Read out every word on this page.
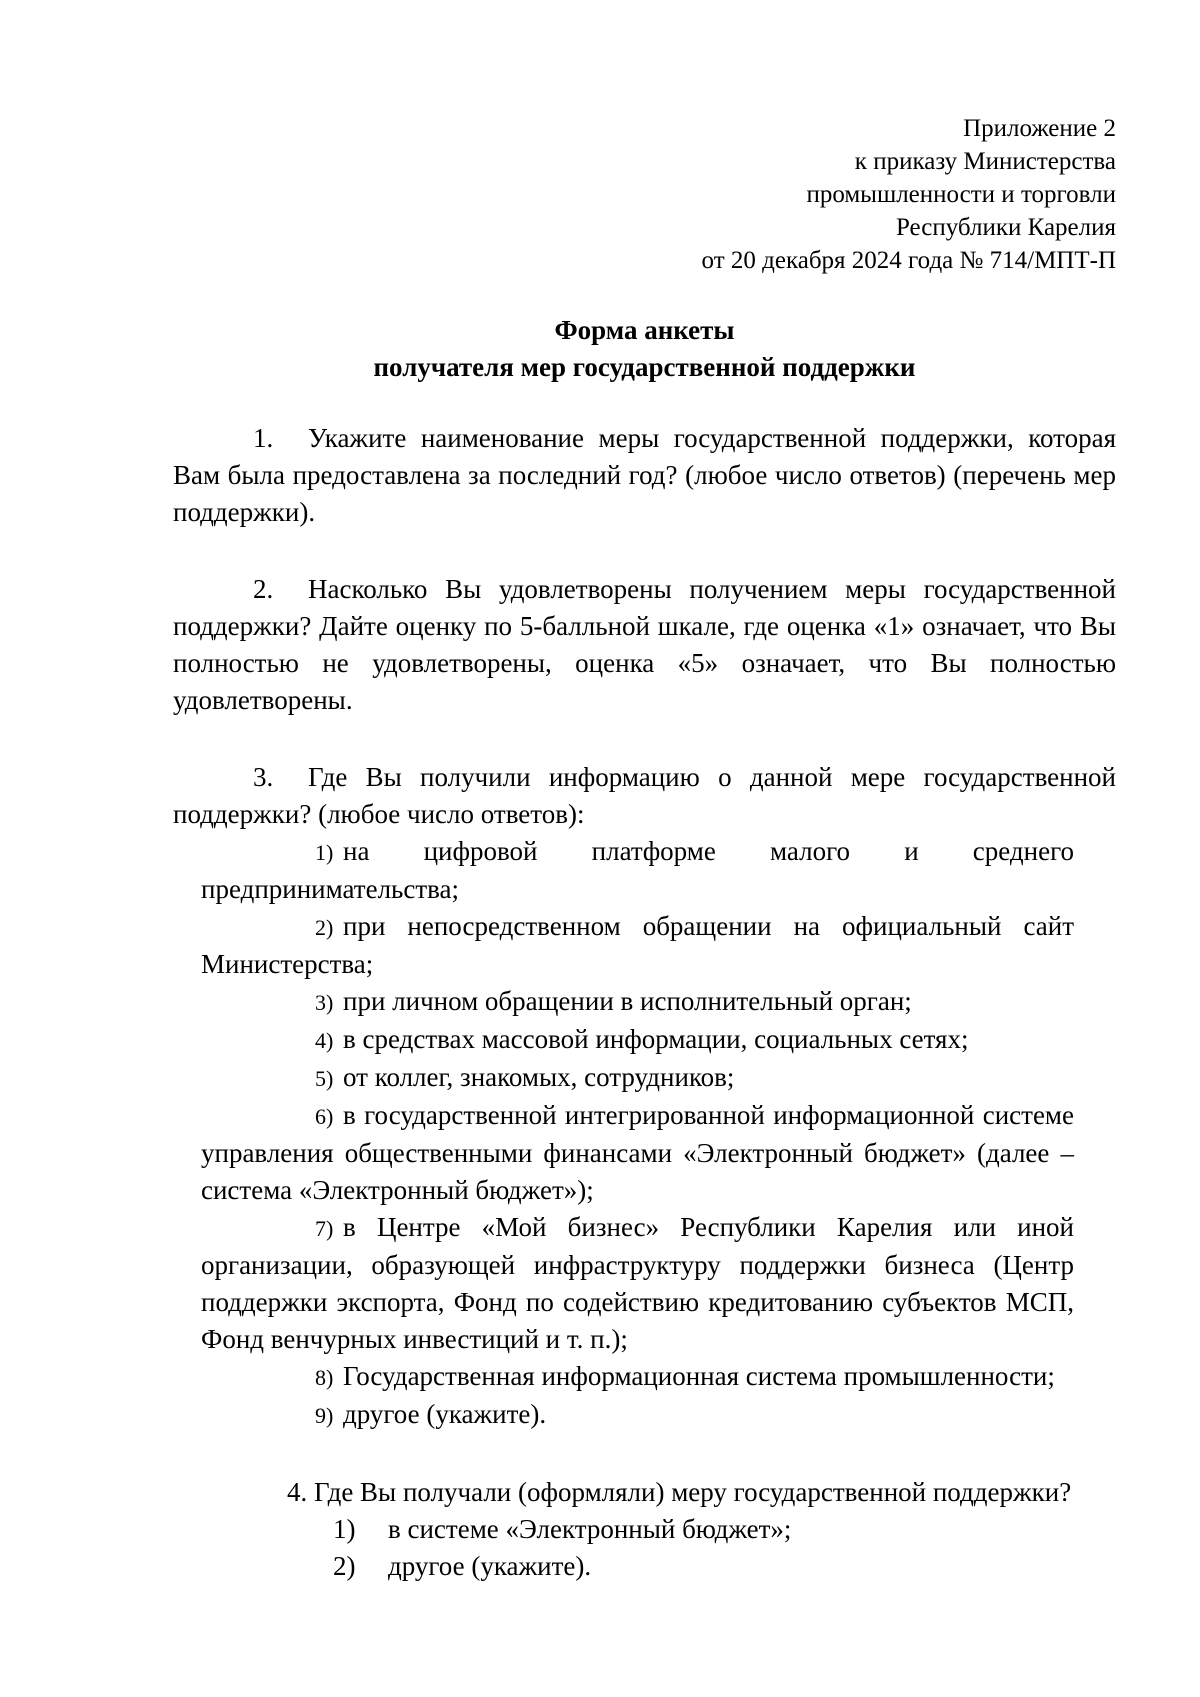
Приложение 2
к приказу Министерства
промышленности и торговли
Республики Карелия
от 20 декабря 2024 года № 714/МПТ-П
Форма анкеты
получателя мер государственной поддержки

1. Укажите наименование меры государственной поддержки, которая Вам была предоставлена за последний год? (любое число ответов) (перечень мер поддержки).

2. Насколько Вы удовлетворены получением меры государственной поддержки? Дайте оценку по 5-балльной шкале, где оценка «1» означает, что Вы полностью не удовлетворены, оценка «5» означает, что Вы полностью удовлетворены.

3. Где Вы получили информацию о данной мере государственной поддержки? (любое число ответов):

1) на цифровой платформе малого и среднего предпринимательства;

2) при непосредственном обращении на официальный сайт Министерства;

3) при личном обращении в исполнительный орган;

4) в средствах массовой информации, социальных сетях;

5) от коллег, знакомых, сотрудников;

6) в государственной интегрированной информационной системе управления общественными финансами «Электронный бюджет» (далее – система «Электронный бюджет»);

7) в Центре «Мой бизнес» Республики Карелия или иной организации, образующей инфраструктуру поддержки бизнеса (Центр поддержки экспорта, Фонд по содействию кредитованию субъектов МСП, Фонд венчурных инвестиций и т. п.);

8) Государственная информационная система промышленности;

9) другое (укажите).

4. Где Вы получали (оформляли) меру государственной поддержки?

1) в системе «Электронный бюджет»;
2) другое (укажите).
